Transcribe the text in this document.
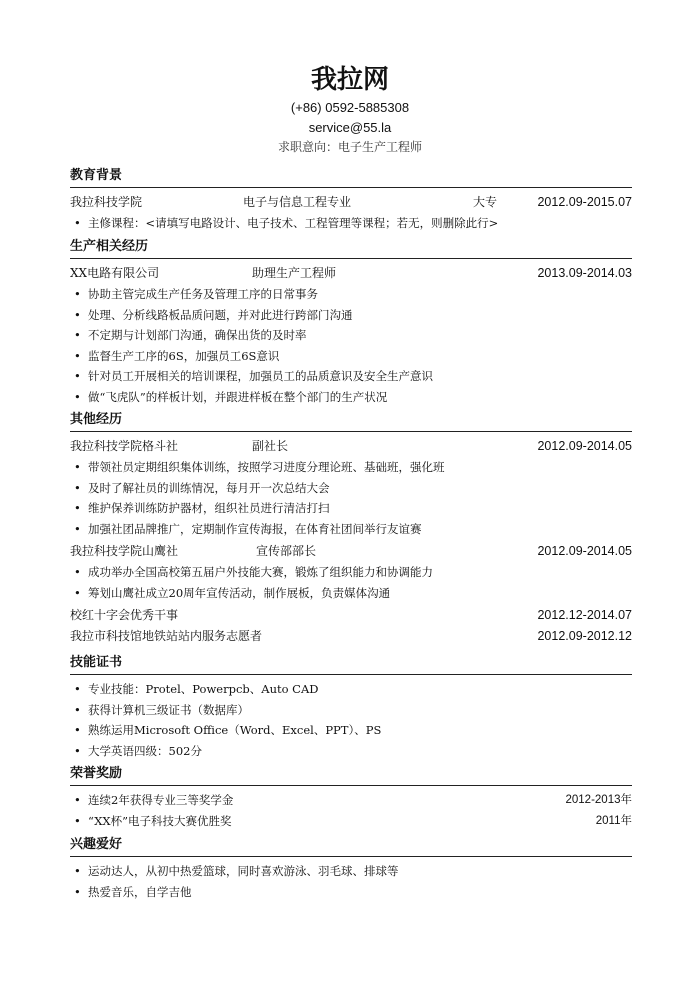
我拉网
(+86) 0592-5885308
service@55.la
求职意向：电子生产工程师
教育背景
我拉科技学院	电子与信息工程专业	大专	2012.09-2015.07
• 主修课程：<请填写电路设计、电子技术、工程管理等课程；若无，则删除此行>
生产相关经历
XX电路有限公司	助理生产工程师	2013.09-2014.03
• 协助主管完成生产任务及管理工序的日常事务
• 处理、分析线路板品质问题，并对此进行跨部门沟通
• 不定期与计划部门沟通，确保出货的及时率
• 监督生产工序的6S，加强员工6S意识
• 针对员工开展相关的培训课程，加强员工的品质意识及安全生产意识
• 做“飞虎队”的样板计划，并跟进样板在整个部门的生产状况
其他经历
我拉科技学院格斗社	副社长	2012.09-2014.05
• 带领社员定期组织集体训练，按照学习进度分理论班、基础班，强化班
• 及时了解社员的训练情况，每月开一次总结大会
• 维护保养训练防护器材，组织社员进行清洁打扫
• 加强社团品牌推广，定期制作宣传海报，在体育社团间举行友谊赛
我拉科技学院山鹰社	宣传部部长	2012.09-2014.05
• 成功举办全国高校第五届户外技能大赛，锻炼了组织能力和协调能力
• 筹划山鹰社成立20周年宣传活动，制作展板，负责媒体沟通
校红十字会优秀干事	2012.12-2014.07
我拉市科技馆地铁站站内服务志愿者	2012.09-2012.12
技能证书
• 专业技能：Protel、Powerpcb、Auto CAD
• 获得计算机三级证书（数据库）
• 熟练运用Microsoft Office（Word、Excel、PPT）、PS
• 大学英语四级：502分
荣誉奖励
• 连续2年获得专业三等奖学金	2012-2013年
• “XX杯”电子科技大赛优胜奖	2011年
兴趣爱好
• 运动达人，从初中热爱篮球，同时喜欢游泳、羽毛球、排球等
• 热爱音乐，自学吉他
